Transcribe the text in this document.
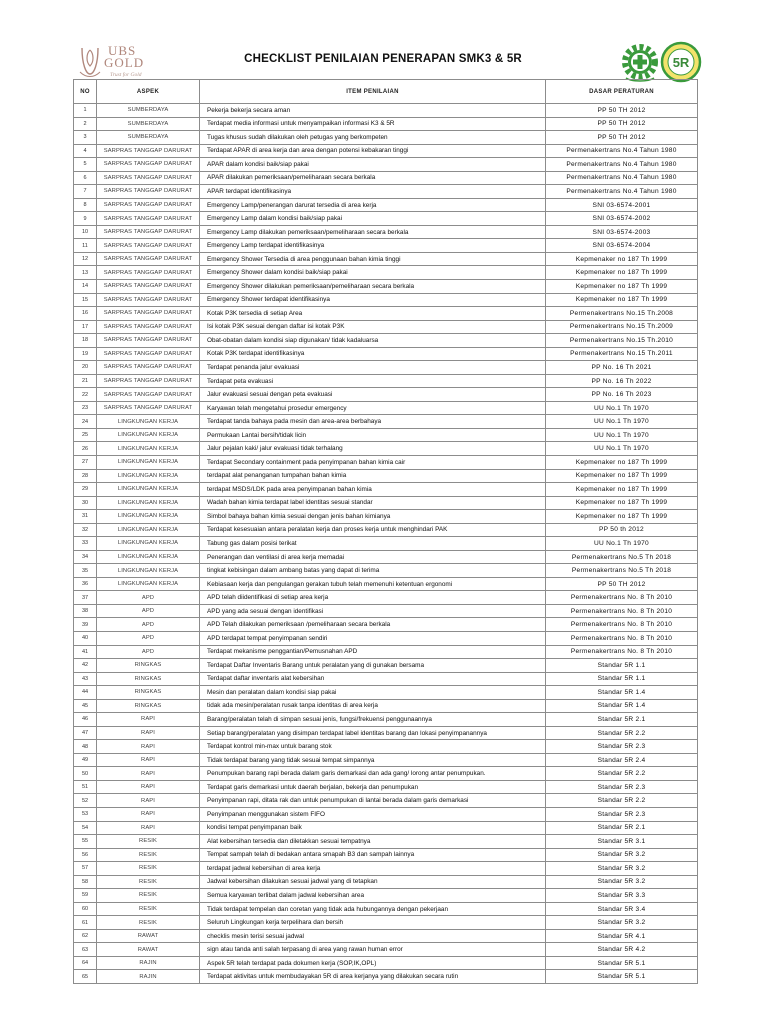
UBS
GOLD
Trust for Gold
CHECKLIST PENILAIAN PENERAPAN SMK3 & 5R	5R
NO	ASPEK	ITEM PENILAIAN	DASAR PERATURAN
1	SUMBERDAYA	Pekerja bekerja secara aman	PP 50 TH 2012
2	SUMBERDAYA	Terdapat media informasi untuk menyampaikan informasi K3 & 5R	PP 50 TH 2012
3	SUMBERDAYA	Tugas khusus sudah dilakukan oleh petugas yang berkompeten	PP 50 TH 2012
4	SARPRAS TANGGAP DARURAT	Terdapat APAR di area kerja dan area dengan potensi kebakaran tinggi	Permenakertrans No.4 Tahun 1980
5	SARPRAS TANGGAP DARURAT	APAR dalam kondisi baik/siap pakai	Permenakertrans No.4 Tahun 1980
6	SARPRAS TANGGAP DARURAT	APAR dilakukan pemeriksaan/pemeliharaan secara berkala	Permenakertrans No.4 Tahun 1980
7	SARPRAS TANGGAP DARURAT	APAR terdapat identifikasinya	Permenakertrans No.4 Tahun 1980
8	SARPRAS TANGGAP DARURAT	Emergency Lamp/penerangan darurat tersedia di area kerja	SNI 03-6574-2001
9	SARPRAS TANGGAP DARURAT	Emergency Lamp dalam kondisi baik/siap pakai	SNI 03-6574-2002
10	SARPRAS TANGGAP DARURAT	Emergency Lamp dilakukan pemeriksaan/pemeliharaan secara berkala	SNI 03-6574-2003
11	SARPRAS TANGGAP DARURAT	Emergency Lamp terdapat identifikasinya	SNI 03-6574-2004
12	SARPRAS TANGGAP DARURAT	Emergency Shower Tersedia di area penggunaan bahan kimia tinggi	Kepmenaker no 187 Th 1999
13	SARPRAS TANGGAP DARURAT	Emergency Shower dalam kondisi baik/siap pakai	Kepmenaker no 187 Th 1999
14	SARPRAS TANGGAP DARURAT	Emergency Shower dilakukan pemeriksaan/pemeliharaan secara berkala	Kepmenaker no 187 Th 1999
15	SARPRAS TANGGAP DARURAT	Emergency Shower terdapat identifikasinya	Kepmenaker no 187 Th 1999
16	SARPRAS TANGGAP DARURAT	Kotak P3K tersedia di setiap Area	Permenakertrans No.15 Th.2008
17	SARPRAS TANGGAP DARURAT	Isi kotak P3K sesuai dengan daftar isi kotak P3K	Permenakertrans No.15 Th.2009
18	SARPRAS TANGGAP DARURAT	Obat-obatan dalam kondisi siap digunakan/ tidak kadaluarsa	Permenakertrans No.15 Th.2010
19	SARPRAS TANGGAP DARURAT	Kotak P3K terdapat identifikasinya	Permenakertrans No.15 Th.2011
20	SARPRAS TANGGAP DARURAT	Terdapat penanda jalur evakuasi	PP No. 16 Th 2021
21	SARPRAS TANGGAP DARURAT	Terdapat peta evakuasi	PP No. 16 Th 2022
22	SARPRAS TANGGAP DARURAT	Jalur evakuasi sesuai dengan peta evakuasi	PP No. 16 Th 2023
23	SARPRAS TANGGAP DARURAT	Karyawan telah mengetahui prosedur emergency	UU No.1 Th 1970
24	LINGKUNGAN KERJA	Terdapat tanda bahaya pada mesin dan area-area berbahaya	UU No.1 Th 1970
25	LINGKUNGAN KERJA	Permukaan Lantai bersih/tidak licin	UU No.1 Th 1970
26	LINGKUNGAN KERJA	Jalur pejalan kaki/ jalur evakuasi tidak terhalang	UU No.1 Th 1970
27	LINGKUNGAN KERJA	Terdapat Secondary containment pada penyimpanan bahan kimia cair	Kepmenaker no 187 Th 1999
28	LINGKUNGAN KERJA	terdapat alat penanganan tumpahan bahan kimia	Kepmenaker no 187 Th 1999
29	LINGKUNGAN KERJA	terdapat MSDS/LDK pada area penyimpanan bahan kimia	Kepmenaker no 187 Th 1999
30	LINGKUNGAN KERJA	Wadah bahan kimia terdapat label identitas sesuai standar	Kepmenaker no 187 Th 1999
31	LINGKUNGAN KERJA	Simbol bahaya bahan kimia sesuai dengan jenis bahan kimianya	Kepmenaker no 187 Th 1999
32	LINGKUNGAN KERJA	Terdapat kesesuaian antara peralatan kerja dan proses kerja untuk menghindari PAK	PP 50 th 2012
33	LINGKUNGAN KERJA	Tabung gas dalam posisi terikat	UU No.1 Th 1970
34	LINGKUNGAN KERJA	Penerangan dan ventilasi di area kerja memadai	Permenakertrans No.5 Th 2018
35	LINGKUNGAN KERJA	tingkat kebisingan dalam ambang batas yang dapat di terima	Permenakertrans No.5 Th 2018
36	LINGKUNGAN KERJA	Kebiasaan kerja dan pengulangan gerakan tubuh telah memenuhi ketentuan ergonomi	PP 50 TH 2012
37	APD	APD telah diidentifikasi di setiap area kerja	Permenakertrans No. 8 Th 2010
38	APD	APD yang ada sesuai dengan identifikasi	Permenakertrans No. 8 Th 2010
39	APD	APD Telah dilakukan pemeriksaan /pemeliharaan secara berkala	Permenakertrans No. 8 Th 2010
40	APD	APD terdapat tempat penyimpanan sendiri	Permenakertrans No. 8 Th 2010
41	APD	Terdapat mekanisme penggantian/Pemusnahan APD	Permenakertrans No. 8 Th 2010
42	RINGKAS	Terdapat Daftar Inventaris Barang untuk peralatan yang di gunakan bersama	Standar 5R 1.1
43	RINGKAS	Terdapat daftar inventaris alat kebersihan	Standar 5R 1.1
44	RINGKAS	Mesin dan peralatan dalam kondisi siap pakai	Standar 5R 1.4
45	RINGKAS	tidak ada mesin/peralatan rusak tanpa identitas di area kerja	Standar 5R 1.4
46	RAPI	Barang/peralatan telah di simpan sesuai jenis, fungsi/frekuensi penggunaannya	Standar 5R 2.1
47	RAPI	Setiap barang/peralatan yang disimpan terdapat label identitas barang dan lokasi penyimpanannya	Standar 5R 2.2
48	RAPI	Terdapat kontrol min-max untuk barang stok	Standar 5R 2.3
49	RAPI	Tidak terdapat barang yang tidak sesuai tempat simpannya	Standar 5R 2.4
50	RAPI	Penumpukan barang rapi berada dalam garis demarkasi dan ada gang/ lorong antar penumpukan.	Standar 5R 2.2
51	RAPI	Terdapat garis demarkasi untuk daerah berjalan, bekerja dan penumpukan	Standar 5R 2.3
52	RAPI	Penyimpanan rapi, ditata rak dan untuk penumpukan di lantai berada dalam garis demarkasi	Standar 5R 2.2
53	RAPI	Penyimpanan menggunakan sistem FIFO	Standar 5R 2.3
54	RAPI	kondisi tempat penyimpanan baik	Standar 5R 2.1
55	RESIK	Alat kebersihan tersedia dan diletakkan sesuai tempatnya	Standar 5R 3.1
56	RESIK	Tempat sampah telah di bedakan antara smapah B3 dan sampah lainnya	Standar 5R 3.2
57	RESIK	terdapat jadwal kebersihan di area kerja	Standar 5R 3.2
58	RESIK	Jadwal kebersihan dilakukan sesuai jadwal yang di tetapkan	Standar 5R 3.2
59	RESIK	Semua karyawan terlibat dalam jadwal kebersihan area	Standar 5R 3.3
60	RESIK	Tidak terdapat tempelan dan coretan yang tidak ada hubungannya dengan pekerjaan	Standar 5R 3.4
61	RESIK	Seluruh Lingkungan kerja terpelihara dan bersih	Standar 5R 3.2
62	RAWAT	checklis mesin terisi sesuai jadwal	Standar 5R 4.1
63	RAWAT	sign atau tanda anti salah terpasang di area yang rawan human error	Standar 5R 4.2
64	RAJIN	Aspek 5R telah terdapat pada dokumen kerja (SOP,IK,OPL)	Standar 5R 5.1
65	RAJIN	Terdapat aktivitas untuk membudayakan 5R di area kerjanya yang dilakukan secara rutin	Standar 5R 5.1
